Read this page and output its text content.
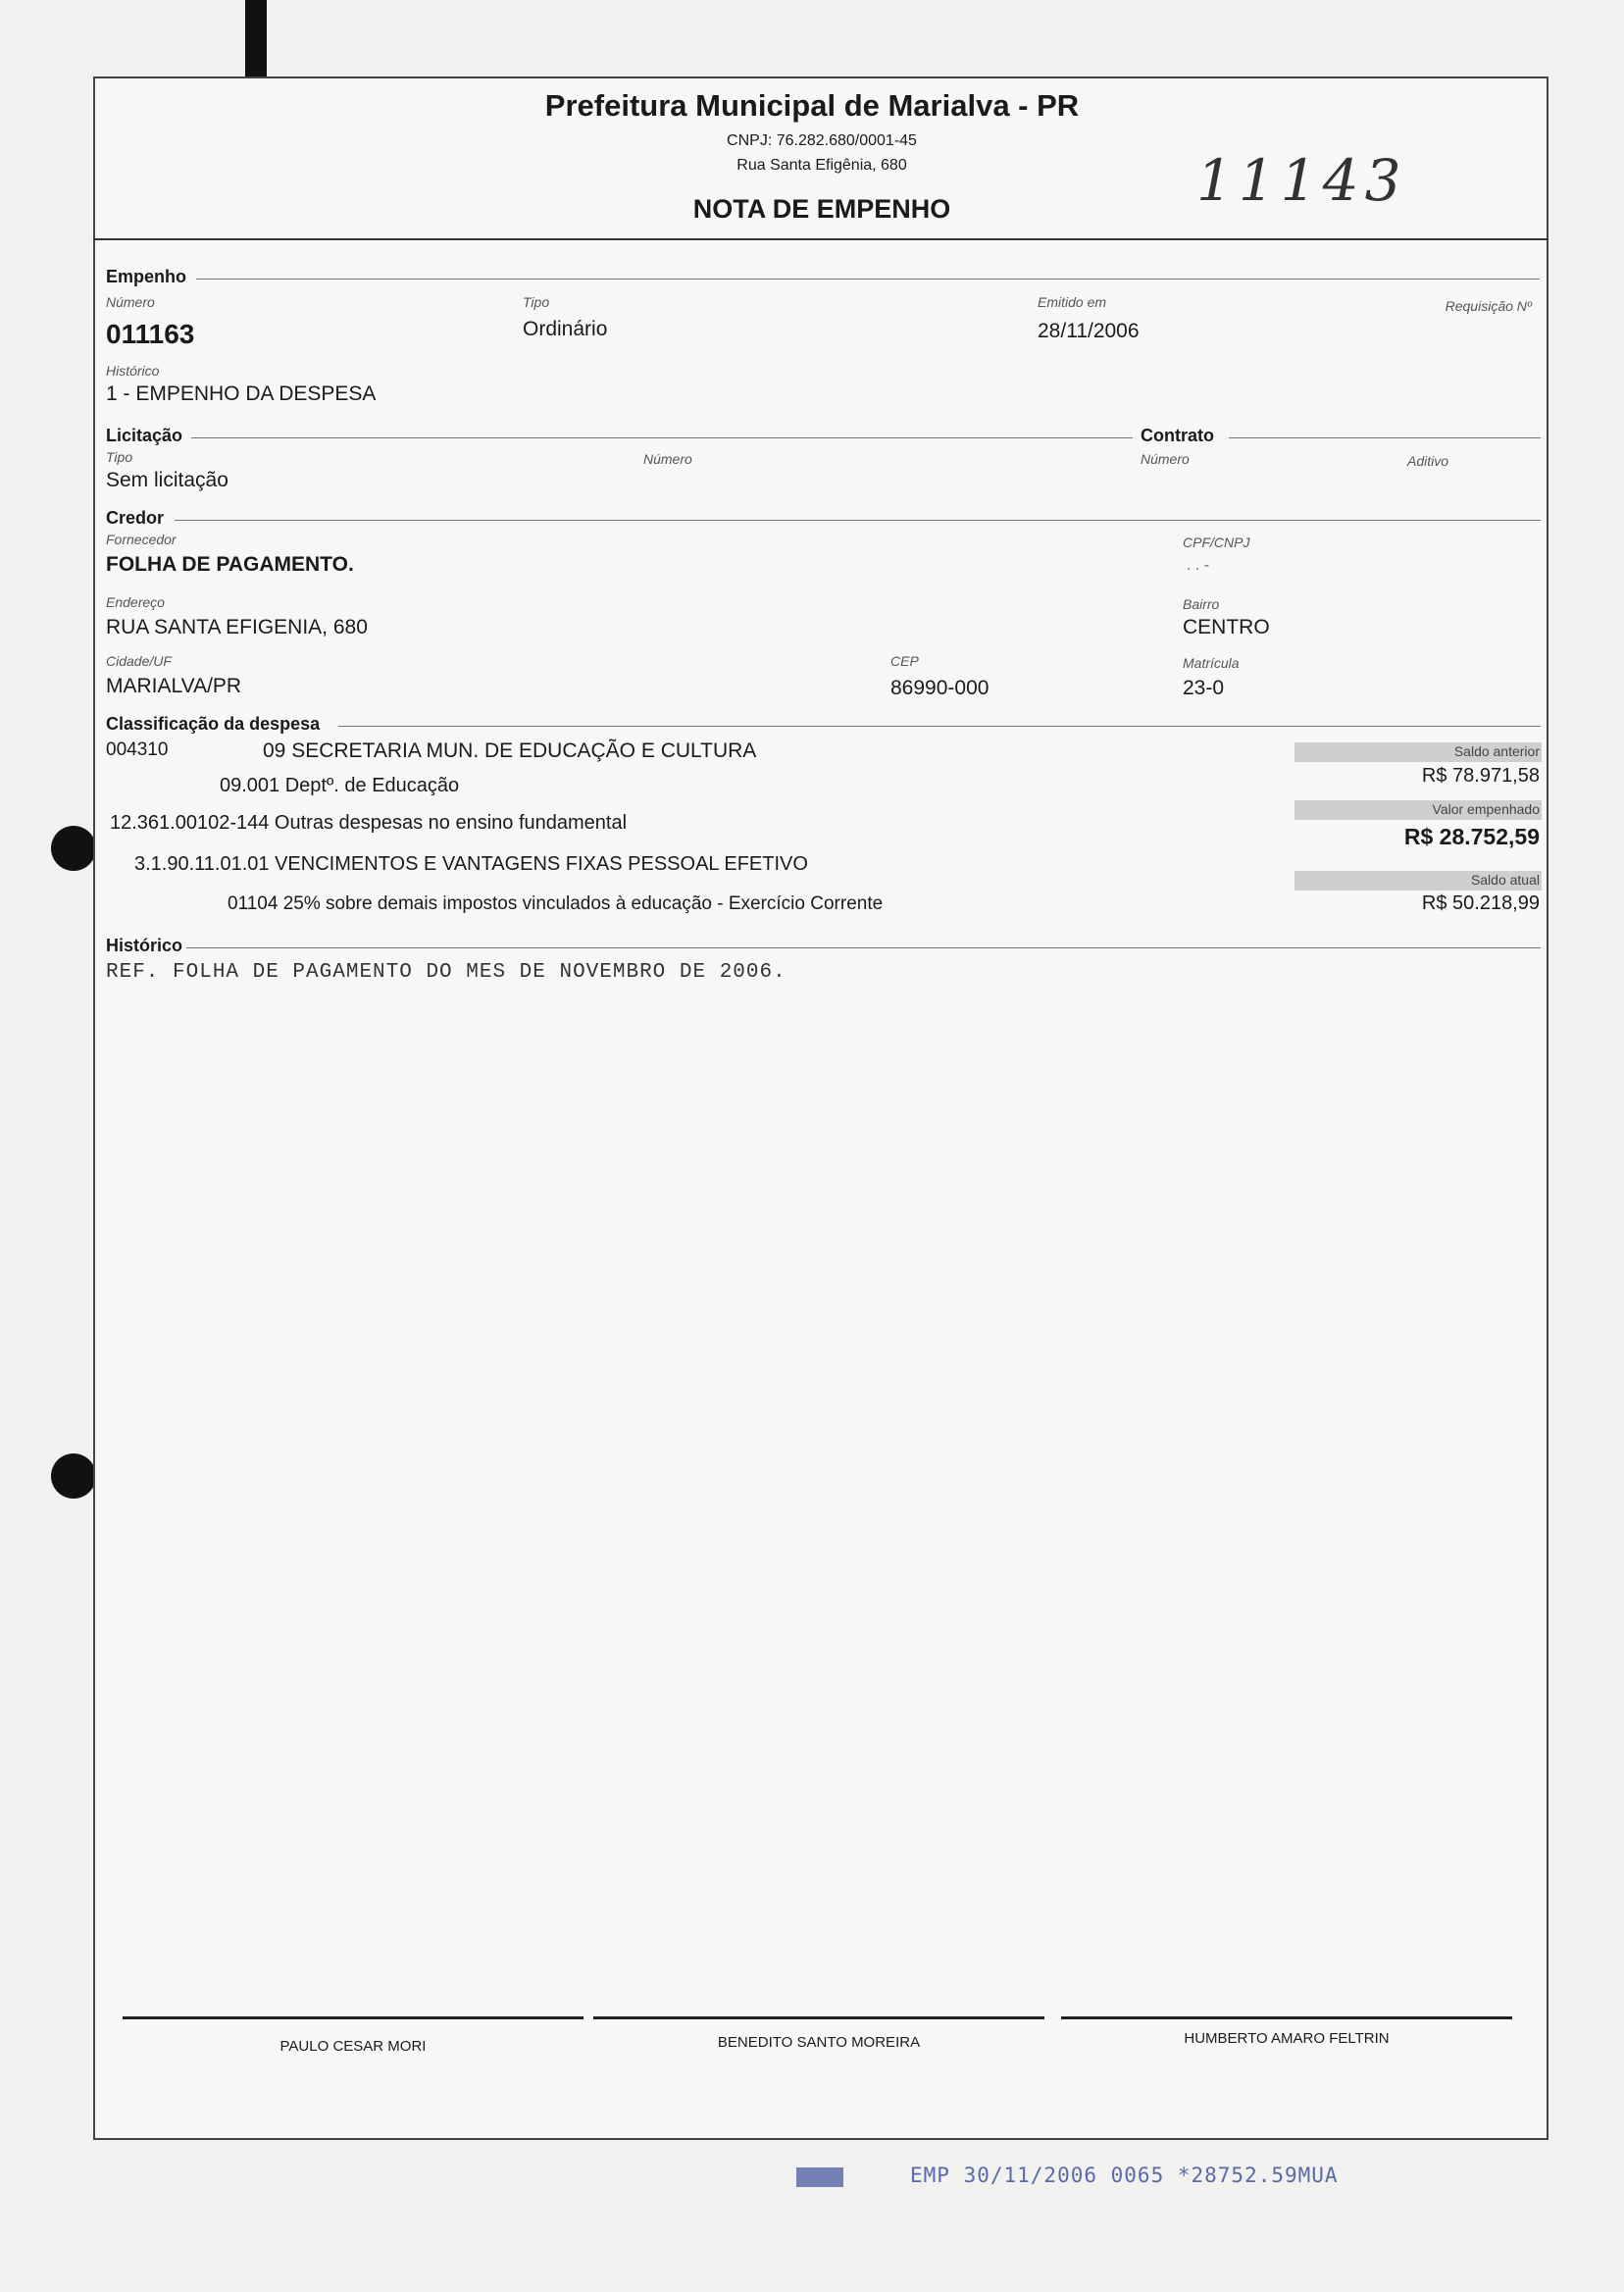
Prefeitura Municipal de Marialva - PR
CNPJ: 76.282.680/0001-45
Rua Santa Efigênia, 680
NOTA DE EMPENHO	11143
Empenho
Número
011163
Tipo
Ordinário
Emitido em
28/11/2006
Requisição Nº
Histórico
1 - EMPENHO DA DESPESA
Licitação	Contrato
Tipo
Sem licitação
Número	Número	Aditivo
Credor
Fornecedor
FOLHA DE PAGAMENTO.
CPF/CNPJ
. . -
Endereço
RUA SANTA EFIGENIA, 680
Bairro
CENTRO
Cidade/UF
MARIALVA/PR
CEP
86990-000
Matrícula
23-0
Classificação da despesa
004310	09 SECRETARIA MUN. DE EDUCAÇÃO E CULTURA
09.001 Deptº. de Educação
12.361.00102-144 Outras despesas no ensino fundamental
3.1.90.11.01.01 VENCIMENTOS E VANTAGENS FIXAS PESSOAL EFETIVO
01104 25% sobre demais impostos vinculados à educação - Exercício Corrente
Saldo anterior
R$ 78.971,58
Valor empenhado
R$ 28.752,59
Saldo atual
R$ 50.218,99
Histórico
REF. FOLHA DE PAGAMENTO DO MES DE NOVEMBRO DE 2006.
PAULO CESAR MORI	BENEDITO SANTO MOREIRA	HUMBERTO AMARO FELTRIN
EMP 30/11/2006 0065 *28752.59MUA
